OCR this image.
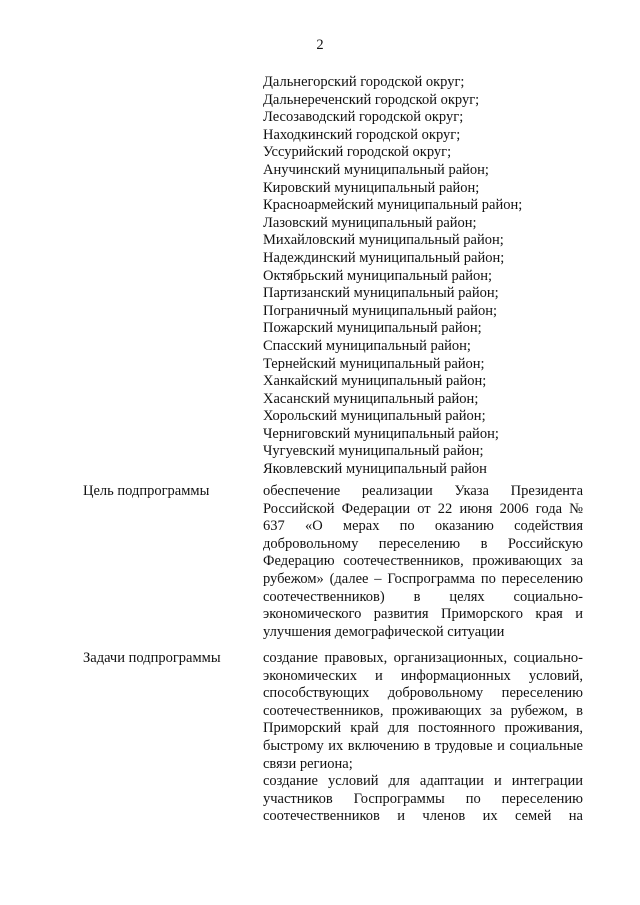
2
Дальнегорский городской округ;
Дальнереченский городской округ;
Лесозаводский городской округ;
Находкинский городской округ;
Уссурийский городской округ;
Анучинский муниципальный район;
Кировский муниципальный район;
Красноармейский муниципальный район;
Лазовский муниципальный район;
Михайловский муниципальный район;
Надеждинский муниципальный район;
Октябрьский муниципальный район;
Партизанский муниципальный район;
Пограничный муниципальный район;
Пожарский муниципальный район;
Спасский муниципальный район;
Тернейский муниципальный район;
Ханкайский муниципальный район;
Хасанский муниципальный район;
Хорольский муниципальный район;
Черниговский муниципальный район;
Чугуевский муниципальный район;
Яковлевский муниципальный район
Цель подпрограммы	обеспечение реализации Указа Президента Российской Федерации от 22 июня 2006 года № 637 «О мерах по оказанию содействия добровольному переселению в Российскую Федерацию соотечественников, проживающих за рубежом» (далее – Госпрограмма по переселению соотечественников) в целях социально-экономического развития Приморского края и улучшения демографической ситуации

Задачи подпрограммы	создание правовых, организационных, социально-экономических и информационных условий, способствующих добровольному переселению соотечественников, проживающих за рубежом, в Приморский край для постоянного проживания, быстрому их включению в трудовые и социальные связи региона;

создание условий для адаптации и интеграции участников Госпрограммы по переселению соотечественников и членов их семей на
